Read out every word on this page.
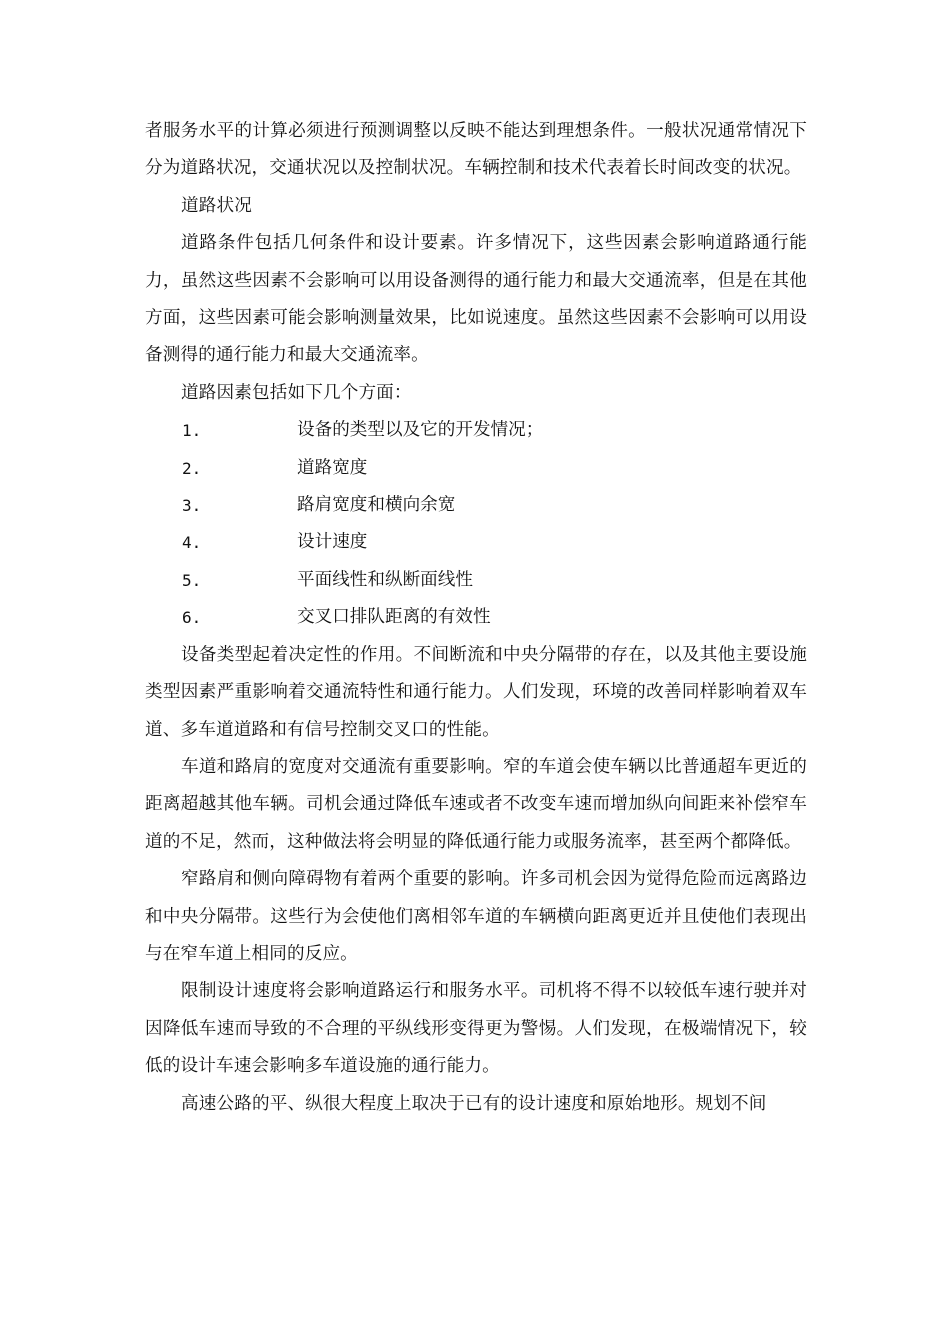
者服务水平的计算必须进行预测调整以反映不能达到理想条件。一般状况通常情况下分为道路状况，交通状况以及控制状况。车辆控制和技术代表着长时间改变的状况。

道路状况

道路条件包括几何条件和设计要素。许多情况下，这些因素会影响道路通行能力，虽然这些因素不会影响可以用设备测得的通行能力和最大交通流率，但是在其他方面，这些因素可能会影响测量效果，比如说速度。虽然这些因素不会影响可以用设备测得的通行能力和最大交通流率。

道路因素包括如下几个方面：

1.	设备的类型以及它的开发情况；
2.	道路宽度
3.	路肩宽度和横向余宽
4.	设计速度
5.	平面线性和纵断面线性
6.	交叉口排队距离的有效性

设备类型起着决定性的作用。不间断流和中央分隔带的存在，以及其他主要设施类型因素严重影响着交通流特性和通行能力。人们发现，环境的改善同样影响着双车道、多车道道路和有信号控制交叉口的性能。

车道和路肩的宽度对交通流有重要影响。窄的车道会使车辆以比普通超车更近的距离超越其他车辆。司机会通过降低车速或者不改变车速而增加纵向间距来补偿窄车道的不足，然而，这种做法将会明显的降低通行能力或服务流率，甚至两个都降低。

窄路肩和侧向障碍物有着两个重要的影响。许多司机会因为觉得危险而远离路边和中央分隔带。这些行为会使他们离相邻车道的车辆横向距离更近并且使他们表现出与在窄车道上相同的反应。

限制设计速度将会影响道路运行和服务水平。司机将不得不以较低车速行驶并对因降低车速而导致的不合理的平纵线形变得更为警惕。人们发现，在极端情况下，较低的设计车速会影响多车道设施的通行能力。

高速公路的平、纵很大程度上取决于已有的设计速度和原始地形。规划不间
